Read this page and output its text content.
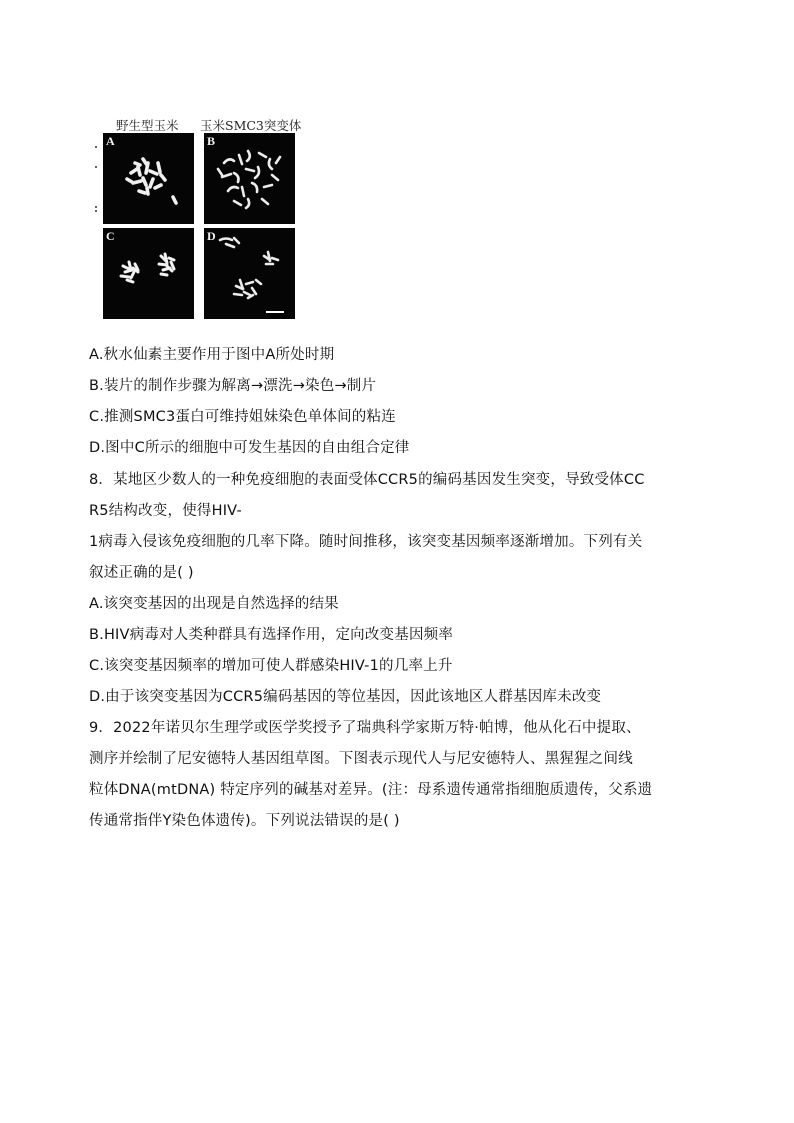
野生型玉米 玉米SMC3突变体
A	B
C	D
A.秋水仙素主要作用于图中A所处时期
B.装片的制作步骤为解离→漂洗→染色→制片
C.推测SMC3蛋白可维持姐妹染色单体间的粘连
D.图中C所示的细胞中可发生基因的自由组合定律
8．某地区少数人的一种免疫细胞的表面受体CCR5的编码基因发生突变，导致受体CC
R5结构改变，使得HIV-
1病毒入侵该免疫细胞的几率下降。随时间推移，该突变基因频率逐渐增加。下列有关
叙述正确的是( )
A.该突变基因的出现是自然选择的结果
B.HIV病毒对人类种群具有选择作用，定向改变基因频率
C.该突变基因频率的增加可使人群感染HIV-1的几率上升
D.由于该突变基因为CCR5编码基因的等位基因，因此该地区人群基因库未改变
9．2022年诺贝尔生理学或医学奖授予了瑞典科学家斯万特·帕博，他从化石中提取、
测序并绘制了尼安德特人基因组草图。下图表示现代人与尼安德特人、黑猩猩之间线
粒体DNA(mtDNA) 特定序列的碱基对差异。(注：母系遗传通常指细胞质遗传，父系遗
传通常指伴Y染色体遗传)。下列说法错误的是( )
